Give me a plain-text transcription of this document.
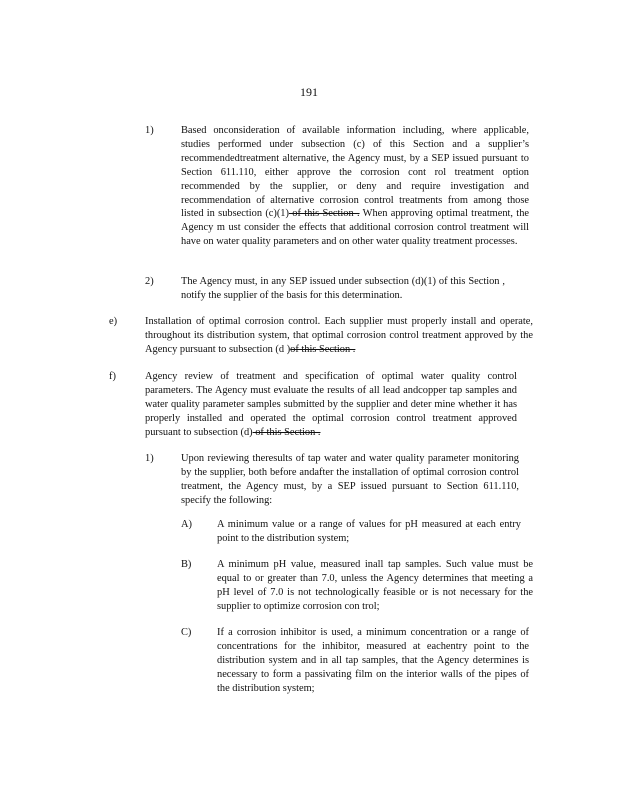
191
1)	Based onconsideration of available information including, where applicable, studies performed under subsection (c) of this Section and a supplier’s recommendedtreatment alternative, the Agency must, by a SEP issued pursuant to Section 611.110, either approve the corrosion cont rol treatment option recommended by the supplier, or deny and require investigation and recommendation of alternative corrosion control treatments from among those listed in subsection (c)(1) of this Section . When approving optimal treatment, the Agency m ust consider the effects that additional corrosion control treatment will have on water quality parameters and on other water quality treatment processes.
2)	The Agency must, in any SEP issued under subsection (d)(1) of this Section , notify the supplier of the basis for this determination.
e)	Installation of optimal corrosion control. Each supplier must properly install and operate, throughout its distribution system, that optimal corrosion control treatment approved by the Agency pursuant to subsection (d )of this Section .
f)	Agency review of treatment and specification of optimal water quality control parameters. The Agency must evaluate the results of all lead andcopper tap samples and water quality parameter samples submitted by the supplier and deter mine whether it has properly installed and operated the optimal corrosion control treatment approved pursuant to subsection (d) of this Section .
1)	Upon reviewing theresults of tap water and water quality parameter monitoring by the supplier, both before andafter the installation of optimal corrosion control treatment, the Agency must, by a SEP issued pursuant to Section 611.110, specify the following:
A) A minimum value or a range of values for pH measured at each entry point to the distribution system;
B) A minimum pH value, measured inall tap samples. Such value must be equal to or greater than 7.0, unless the Agency determines that meeting a pH level of 7.0 is not technologically feasible or is not necessary for the supplier to optimize corrosion con trol;
C) If a corrosion inhibitor is used, a minimum concentration or a range of concentrations for the inhibitor, measured at eachentry point to the distribution system and in all tap samples, that the Agency determines is necessary to form a passivating film on the interior walls of the pipes of the distribution system;
